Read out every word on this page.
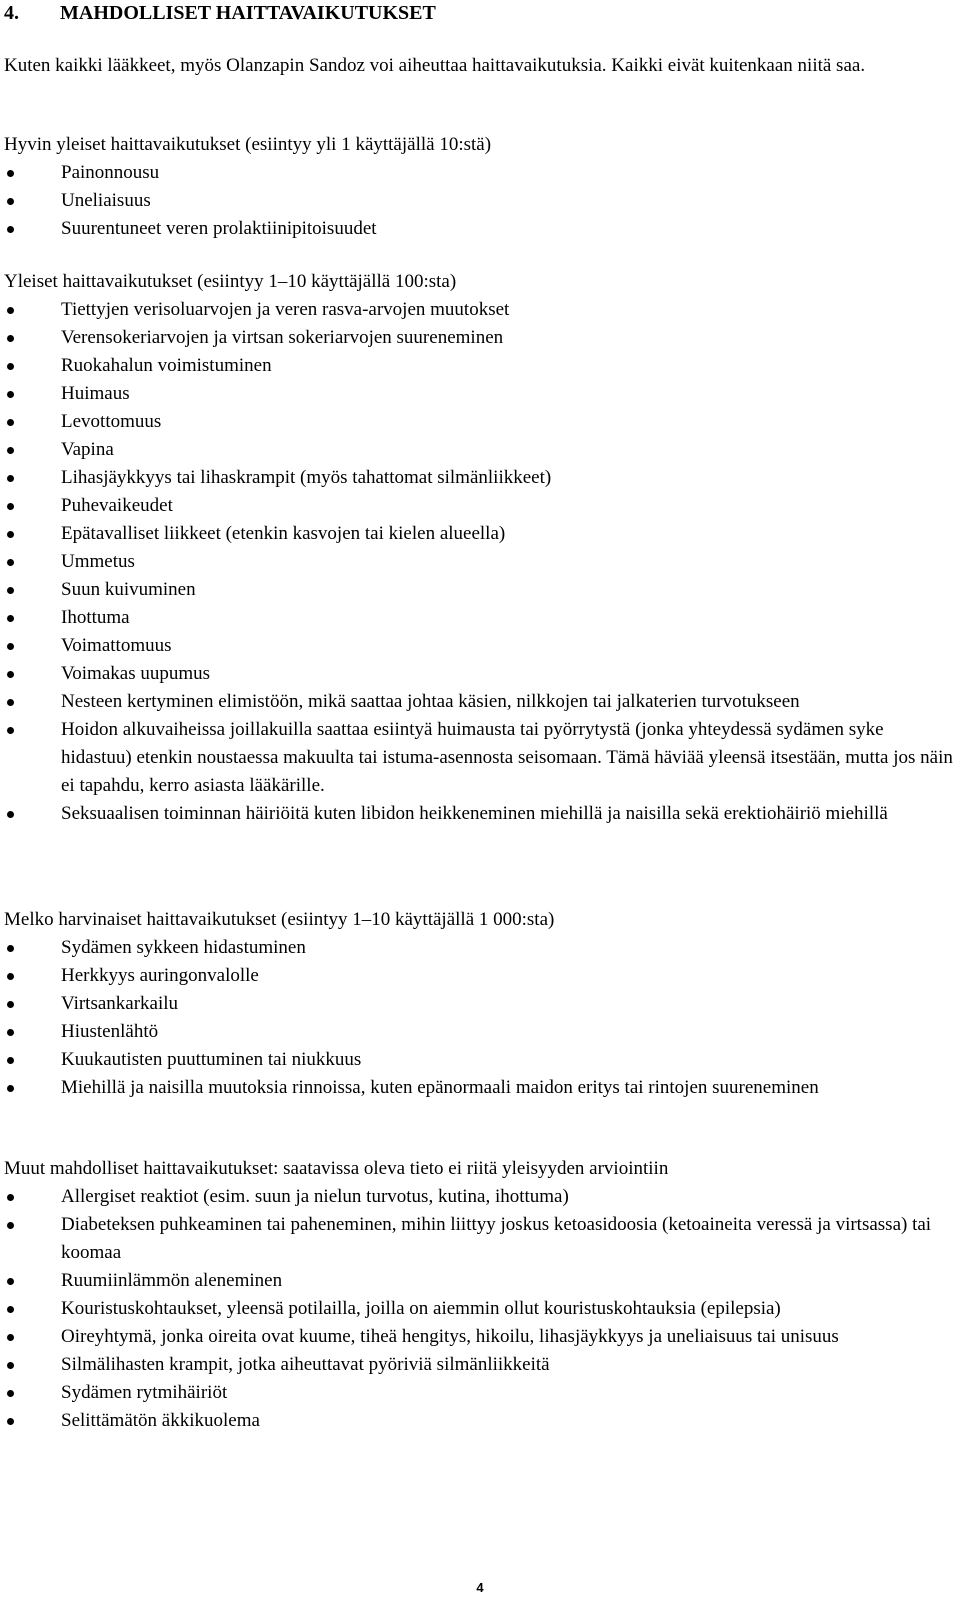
4. MAHDOLLISET HAITTAVAIKUTUKSET
Kuten kaikki lääkkeet, myös Olanzapin Sandoz voi aiheuttaa haittavaikutuksia. Kaikki eivät kuitenkaan niitä saa.
Hyvin yleiset haittavaikutukset (esiintyy yli 1 käyttäjällä 10:stä)
Painonnousu
Uneliaisuus
Suurentuneet veren prolaktiinipitoisuudet
Yleiset haittavaikutukset (esiintyy 1–10 käyttäjällä 100:sta)
Tiettyjen verisoluarvojen ja veren rasva-arvojen muutokset
Verensokeriarvojen ja virtsan sokeriarvojen suureneminen
Ruokahalun voimistuminen
Huimaus
Levottomuus
Vapina
Lihasjäykkyys tai lihaskrampit (myös tahattomat silmänliikkeet)
Puhevaikeudet
Epätavalliset liikkeet (etenkin kasvojen tai kielen alueella)
Ummetus
Suun kuivuminen
Ihottuma
Voimattomuus
Voimakas uupumus
Nesteen kertyminen elimistöön, mikä saattaa johtaa käsien, nilkkojen tai jalkaterien turvotukseen
Hoidon alkuvaiheissa joillakuilla saattaa esiintyä huimausta tai pyörrytystä (jonka yhteydessä sydämen syke hidastuu) etenkin noustaessa makuulta tai istuma-asennosta seisomaan. Tämä häviää yleensä itsestään, mutta jos näin ei tapahdu, kerro asiasta lääkärille.
Seksuaalisen toiminnan häiriöitä kuten libidon heikkeneminen miehillä ja naisilla sekä erektiohäiriö miehillä
Melko harvinaiset haittavaikutukset (esiintyy 1–10 käyttäjällä 1 000:sta)
Sydämen sykkeen hidastuminen
Herkkyys auringonvalolle
Virtsankarkailu
Hiustenlähtö
Kuukautisten puuttuminen tai niukkuus
Miehillä ja naisilla muutoksia rinnoissa, kuten epänormaali maidon eritys tai rintojen suureneminen
Muut mahdolliset haittavaikutukset: saatavissa oleva tieto ei riitä yleisyyden arviointiin
Allergiset reaktiot (esim. suun ja nielun turvotus, kutina, ihottuma)
Diabeteksen puhkeaminen tai paheneminen, mihin liittyy joskus ketoasidoosia (ketoaineita veressä ja virtsassa) tai koomaa
Ruumiinlämmön aleneminen
Kouristuskohtaukset, yleensä potilailla, joilla on aiemmin ollut kouristuskohtauksia (epilepsia)
Oireyhtymä, jonka oireita ovat kuume, tiheä hengitys, hikoilu, lihasjäykkyys ja uneliaisuus tai unisuus
Silmälihasten krampit, jotka aiheuttavat pyöriviä silmänliikkeitä
Sydämen rytmihäiriöt
Selittämätön äkkikuolema
4
